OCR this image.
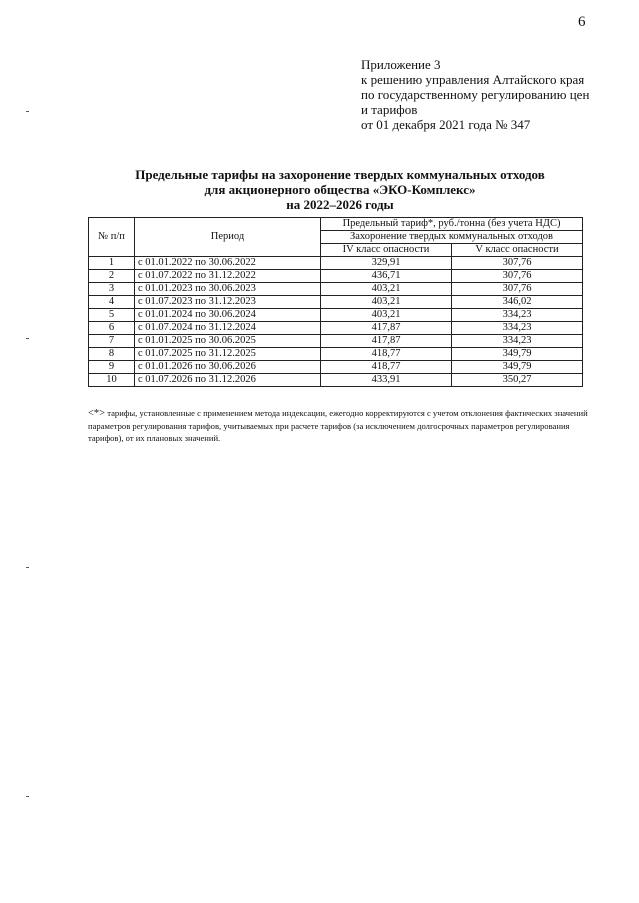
6
Приложение 3
к решению управления Алтайского края
по государственному регулированию цен
и тарифов
от 01 декабря 2021 года № 347
Предельные тарифы на захоронение твердых коммунальных отходов
для акционерного общества «ЭКО-Комплекс»
на 2022–2026 годы
№ п/п	Период	Предельный тариф*, руб./тонна (без учета НДС)	
		Захоронение твердых коммунальных отходов	
		IV класс опасности	V класс опасности
1	с 01.01.2022 по 30.06.2022	329,91	307,76
2	с 01.07.2022 по 31.12.2022	436,71	307,76
3	с 01.01.2023 по 30.06.2023	403,21	307,76
4	с 01.07.2023 по 31.12.2023	403,21	346,02
5	с 01.01.2024 по 30.06.2024	403,21	334,23
6	с 01.07.2024 по 31.12.2024	417,87	334,23
7	с 01.01.2025 по 30.06.2025	417,87	334,23
8	с 01.07.2025 по 31.12.2025	418,77	349,79
9	с 01.01.2026 по 30.06.2026	418,77	349,79
10	с 01.07.2026 по 31.12.2026	433,91	350,27
<*> тарифы, установленные с применением метода индексации, ежегодно корректируются с учетом отклонения фактических значений параметров регулирования тарифов, учитываемых при расчете тарифов (за исключением долгосрочных параметров регулирования тарифов), от их плановых значений.
